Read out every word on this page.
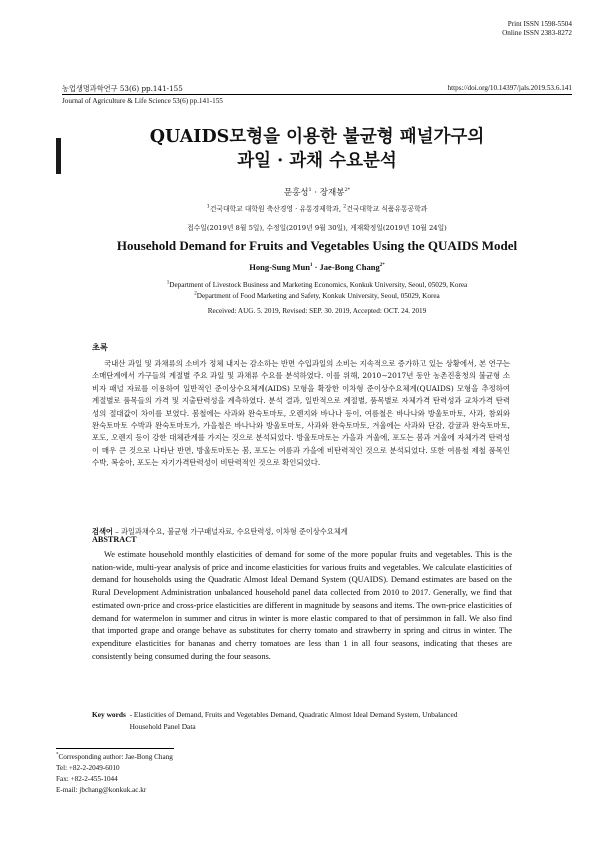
Print ISSN 1598-5504
Online ISSN 2383-8272
농업생명과학연구 53(6) pp.141-155	https://doi.org/10.14397/jals.2019.53.6.141
Journal of Agriculture & Life Science 53(6) pp.141-155
QUAIDS모형을 이용한 불균형 패널가구의
과일 · 과채 수요분석
문홍성$^1$ · 장재봉$^{2*}$
$^1$건국대학교 대학원 축산경영 · 유통경제학과, $^2$건국대학교 식품유통공학과
접수일(2019년 8월 5일), 수정일(2019년 9월 30일), 게재확정일(2019년 10월 24일)
Household Demand for Fruits and Vegetables Using the QUAIDS Model
Hong-Sung Mun$^1$ · Jae-Bong Chang$^{2*}$
$^1$Department of Livestock Business and Marketing Economics, Konkuk University, Seoul, 05029, Korea
$^2$Department of Food Marketing and Safety, Konkuk University, Seoul, 05029, Korea
Received: AUG. 5. 2019, Revised: SEP. 30. 2019, Accepted: OCT. 24. 2019
초록
국내산 과일 및 과채류의 소비가 정체 내지는 감소하는 반면 수입과일의 소비는 지속적으로 증가하고 있는 상황에서, 본 연구는 소매단계에서 가구들의 계절별 주요 과일 및 과채류 수요를 분석하였다. 이를 위해, 2010∼2017년 동안 농촌진흥청의 불균형 소비자 패널 자료를 이용하여 일반적인 준이상수요체계(AIDS) 모형을 확장한 이차형 준이상수요체계(QUAIDS) 모형을 추정하여 계절별로 품목들의 가격 및 지출탄력성을 계측하였다. 분석 결과, 일반적으로 계절별, 품목별로 자체가격 탄력성과 교차가격 탄력성의 절대값이 차이를 보였다. 봄철에는 사과와 완숙토마토, 오렌지와 바나나 등이, 여름철은 바나나와 방울토마토, 사과, 참외와 완숙토마토 수박과 완숙토마토가, 가을철은 바나나와 방울토마토, 사과와 완숙토마토, 겨울에는 사과와 단감, 감귤과 완숙토마토, 포도, 오렌지 등이 강한 대체관계를 가지는 것으로 분석되었다. 방울토마토는 가을과 겨울에, 포도는 봄과 겨울에 자체가격 탄력성이 매우 큰 것으로 나타난 반면, 방울토마토는 봄, 포도는 여름과 가을에 비탄력적인 것으로 분석되었다. 또한 여름철 제철 품목인 수박, 복숭아, 포도는 자기가격탄력성이 비탄력적인 것으로 확인되었다.
검색어 – 과일과채수요, 불균형 가구패널자료, 수요탄력성, 이차형 준이상수요체계
ABSTRACT
We estimate household monthly elasticities of demand for some of the more popular fruits and vegetables. This is the nation-wide, multi-year analysis of price and income elasticities for various fruits and vegetables. We calculate elasticities of demand for households using the Quadratic Almost Ideal Demand System (QUAIDS). Demand estimates are based on the Rural Development Administration unbalanced household panel data collected from 2010 to 2017. Generally, we find that estimated own-price and cross-price elasticities are different in magnitude by seasons and items. The own-price elasticities of demand for watermelon in summer and citrus in winter is more elastic compared to that of persimmon in fall. We also find that imported grape and orange behave as substitutes for cherry tomato and strawberry in spring and citrus in winter. The expenditure elasticities for bananas and cherry tomatoes are less than 1 in all four seasons, indicating that theses are consistently being consumed during the four seasons.
Key words - Elasticities of Demand, Fruits and Vegetables Demand, Quadratic Almost Ideal Demand System, Unbalanced Household Panel Data
*Corresponding author: Jae-Bong Chang
Tel: +82-2-2049-6010
Fax: +82-2-455-1044
E-mail: jbchang@konkuk.ac.kr
